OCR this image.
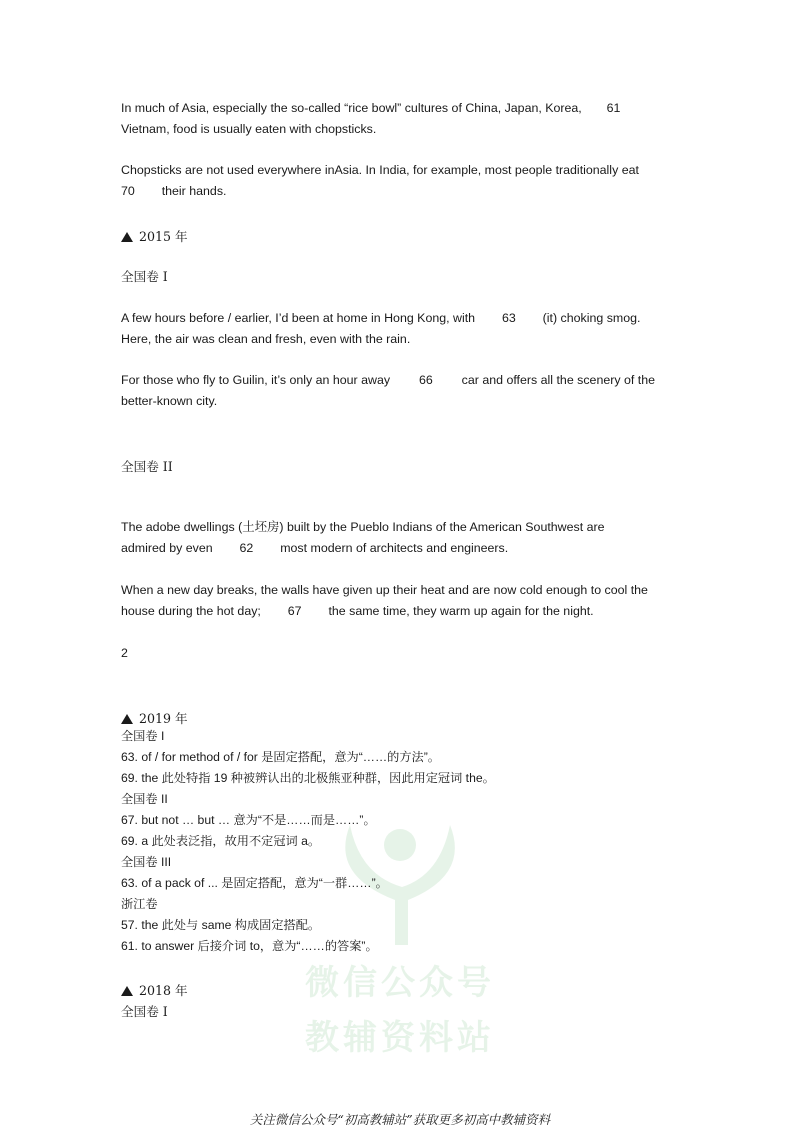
In much of Asia, especially the so-called “rice bowl” cultures of China, Japan, Korea, 61
Vietnam, food is usually eaten with chopsticks.

Chopsticks are not used everywhere inAsia. In India, for example, most people traditionally eat
70 their hands.

2015 年
全国卷 I

A few hours before / earlier, I’d been at home in Hong Kong, with 63 (it) choking smog.
Here, the air was clean and fresh, even with the rain.

For those who fly to Guilin, it’s only an hour away 66 car and offers all the scenery of the
better-known city.

全国卷 II

The adobe dwellings (土坯房) built by the Pueblo Indians of the American Southwest are
admired by even 62 most modern of architects and engineers.

When a new day breaks, the walls have given up their heat and are now cold enough to cool the
house during the hot day; 67 the same time, they warm up again for the night.

2
微信公众号
教辅资料站
2019 年
全国卷 I
63. of / for method of / for 是固定搭配，意为“……的方法”。
69. the 此处特指 19 种被辨认出的北极熊亚种群，因此用定冠词 the。
全国卷 II
67. but not … but … 意为“不是……而是……”。
69. a 此处表泛指，故用不定冠词 a。
全国卷 III
63. of a pack of ... 是固定搭配，意为“一群……”。
浙江卷
57. the 此处与 same 构成固定搭配。
61. to answer 后接介词 to，意为“……的答案”。
2018 年
全国卷 I
关注微信公众号“初高教辅站”获取更多初高中教辅资料
